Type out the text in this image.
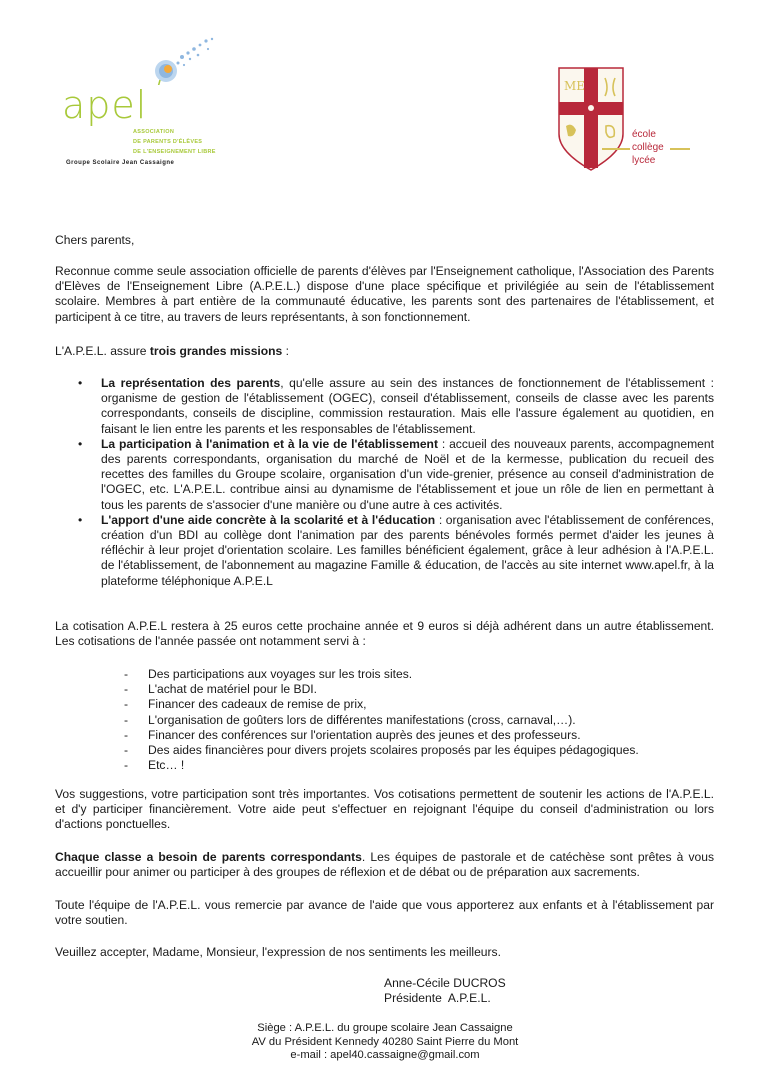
apel
ASSOCIATION
DE PARENTS D'ÉLÈVES
DE L'ENSEIGNEMENT LIBRE
Groupe Scolaire Jean Cassaigne
ME
école
collège
lycée
Chers parents,
Reconnue comme seule association officielle de parents d'élèves par l'Enseignement catholique, l'Association des Parents d'Elèves de l'Enseignement Libre (A.P.E.L.) dispose d'une place spécifique et privilégiée au sein de l'établissement scolaire. Membres à part entière de la communauté éducative, les parents sont des partenaires de l'établissement, et participent à ce titre, au travers de leurs représentants, à son fonctionnement.
L'A.P.E.L. assure trois grandes missions :
• La représentation des parents, qu'elle assure au sein des instances de fonctionnement de l'établissement : organisme de gestion de l'établissement (OGEC), conseil d'établissement, conseils de classe avec les parents correspondants, conseils de discipline, commission restauration. Mais elle l'assure également au quotidien, en faisant le lien entre les parents et les responsables de l'établissement.
• La participation à l'animation et à la vie de l'établissement : accueil des nouveaux parents, accompagnement des parents correspondants, organisation du marché de Noël et de la kermesse, publication du recueil des recettes des familles du Groupe scolaire, organisation d'un vide-grenier, présence au conseil d'administration de l'OGEC, etc. L'A.P.E.L. contribue ainsi au dynamisme de l'établissement et joue un rôle de lien en permettant à tous les parents de s'associer d'une manière ou d'une autre à ces activités.
• L'apport d'une aide concrète à la scolarité et à l'éducation : organisation avec l'établissement de conférences, création d'un BDI au collège dont l'animation par des parents bénévoles formés permet d'aider les jeunes à réfléchir à leur projet d'orientation scolaire. Les familles bénéficient également, grâce à leur adhésion à l'A.P.E.L. de l'établissement, de l'abonnement au magazine Famille & éducation, de l'accès au site internet www.apel.fr, à la plateforme téléphonique A.P.E.L
La cotisation A.P.E.L restera à 25 euros cette prochaine année et 9 euros si déjà adhérent dans un autre établissement. Les cotisations de l'année passée ont notamment servi à :
- Des participations aux voyages sur les trois sites.
- L'achat de matériel pour le BDI.
- Financer des cadeaux de remise de prix,
- L'organisation de goûters lors de différentes manifestations (cross, carnaval,…).
- Financer des conférences sur l'orientation auprès des jeunes et des professeurs.
- Des aides financières pour divers projets scolaires proposés par les équipes pédagogiques.
- Etc… !
Vos suggestions, votre participation sont très importantes. Vos cotisations permettent de soutenir les actions de l'A.P.E.L. et d'y participer financièrement. Votre aide peut s'effectuer en rejoignant l'équipe du conseil d'administration ou lors d'actions ponctuelles.
Chaque classe a besoin de parents correspondants. Les équipes de pastorale et de catéchèse sont prêtes à vous accueillir pour animer ou participer à des groupes de réflexion et de débat ou de préparation aux sacrements.
Toute l'équipe de l'A.P.E.L. vous remercie par avance de l'aide que vous apporterez aux enfants et à l'établissement par votre soutien.
Veuillez accepter, Madame, Monsieur, l'expression de nos sentiments les meilleurs.
Anne-Cécile DUCROS
Présidente  A.P.E.L.
Siège : A.P.E.L. du groupe scolaire Jean Cassaigne
AV du Président Kennedy 40280 Saint Pierre du Mont
e-mail : apel40.cassaigne@gmail.com
